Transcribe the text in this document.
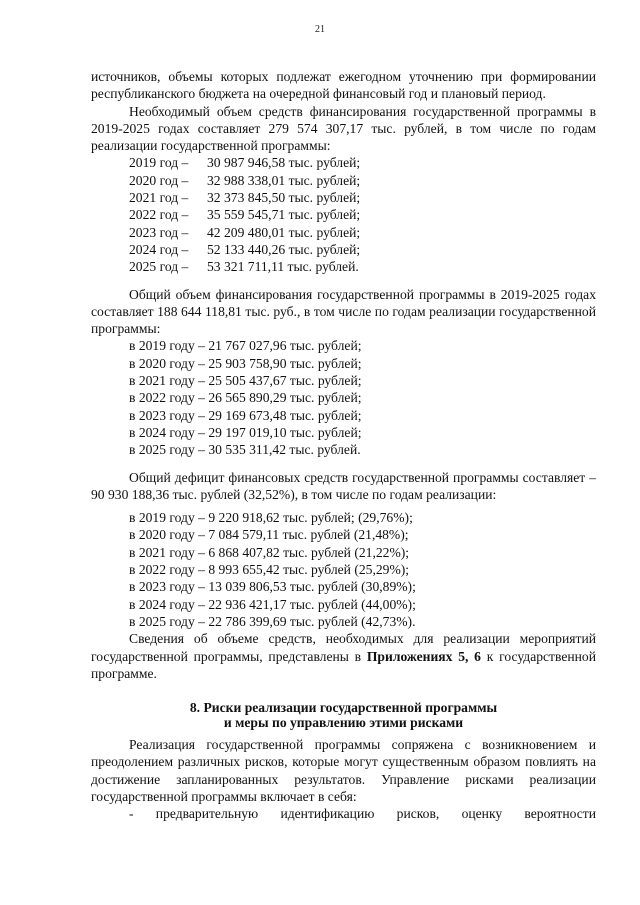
21

источников, объемы которых подлежат ежегодном уточнению при формировании республиканского бюджета на очередной финансовый год и плановый период.

Необходимый объем средств финансирования государственной программы в 2019-2025 годах составляет 279 574 307,17 тыс. рублей, в том числе по годам реализации государственной программы:

2019 год – 30 987 946,58 тыс. рублей;
2020 год – 32 988 338,01 тыс. рублей;
2021 год – 32 373 845,50 тыс. рублей;
2022 год – 35 559 545,71 тыс. рублей;
2023 год – 42 209 480,01 тыс. рублей;
2024 год – 52 133 440,26 тыс. рублей;
2025 год – 53 321 711,11 тыс. рублей.

Общий объем финансирования государственной программы в 2019-2025 годах составляет 188 644 118,81 тыс. руб., в том числе по годам реализации государственной программы:

в 2019 году – 21 767 027,96 тыс. рублей;
в 2020 году – 25 903 758,90 тыс. рублей;
в 2021 году – 25 505 437,67 тыс. рублей;
в 2022 году – 26 565 890,29 тыс. рублей;
в 2023 году – 29 169 673,48 тыс. рублей;
в 2024 году – 29 197 019,10 тыс. рублей;
в 2025 году – 30 535 311,42 тыс. рублей.

Общий дефицит финансовых средств государственной программы составляет – 90 930 188,36 тыс. рублей (32,52%), в том числе по годам реализации:

в 2019 году – 9 220 918,62 тыс. рублей; (29,76%);
в 2020 году – 7 084 579,11 тыс. рублей (21,48%);
в 2021 году – 6 868 407,82 тыс. рублей (21,22%);
в 2022 году – 8 993 655,42 тыс. рублей (25,29%);
в 2023 году – 13 039 806,53 тыс. рублей (30,89%);
в 2024 году – 22 936 421,17 тыс. рублей (44,00%);
в 2025 году – 22 786 399,69 тыс. рублей (42,73%).

Сведения об объеме средств, необходимых для реализации мероприятий государственной программы, представлены в Приложениях 5, 6 к государственной программе.

8. Риски реализации государственной программы
и меры по управлению этими рисками

Реализация государственной программы сопряжена с возникновением и преодолением различных рисков, которые могут существенным образом повлиять на достижение запланированных результатов. Управление рисками реализации государственной программы включает в себя:

- предварительную идентификацию рисков, оценку вероятности
